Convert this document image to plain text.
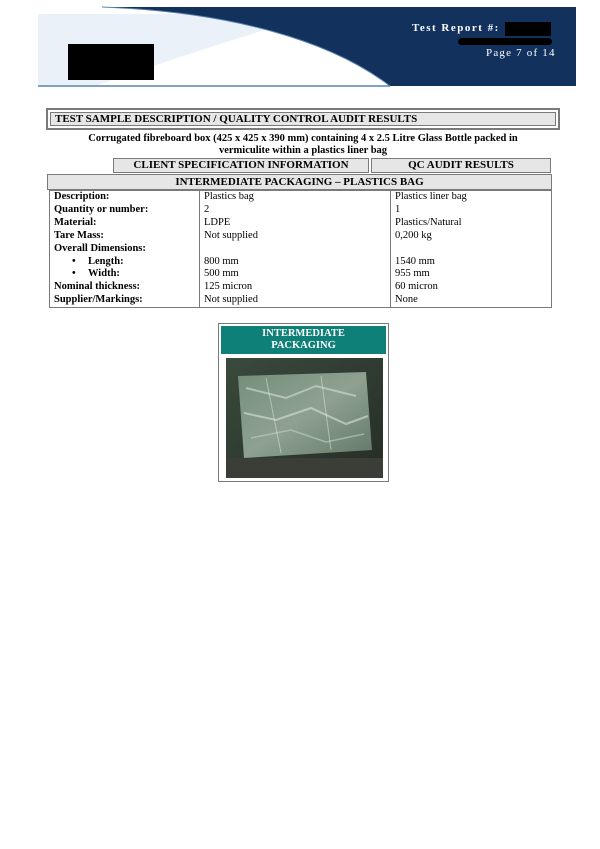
Test Report #:
Page 7 of 14
TEST SAMPLE DESCRIPTION / QUALITY CONTROL AUDIT RESULTS
Corrugated fibreboard box (425 x 425 x 390 mm) containing 4 x 2.5 Litre Glass Bottle packed in
vermiculite within a plastics liner bag
CLIENT SPECIFICATION INFORMATION	QC AUDIT RESULTS
INTERMEDIATE PACKAGING – PLASTICS BAG
Description:	Plastics bag	Plastics liner bag
Quantity or number:	2	1
Material:	LDPE	Plastics/Natural
Tare Mass:	Not supplied	0,200 kg
Overall Dimensions:		
• Length:	800 mm	1540 mm
• Width:	500 mm	955 mm
Nominal thickness:	125 micron	60 micron
Supplier/Markings:	Not supplied	None
INTERMEDIATE
PACKAGING
